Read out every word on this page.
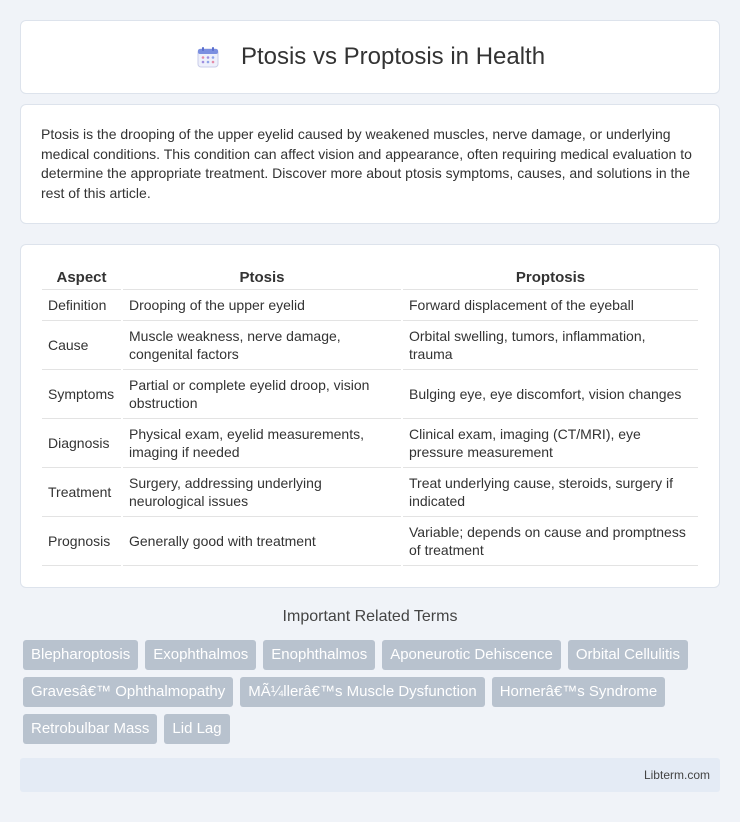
Ptosis vs Proptosis in Health

Ptosis is the drooping of the upper eyelid caused by weakened muscles, nerve damage, or underlying medical conditions. This condition can affect vision and appearance, often requiring medical evaluation to determine the appropriate treatment. Discover more about ptosis symptoms, causes, and solutions in the rest of this article.

Aspect	Ptosis	Proptosis
Definition	Drooping of the upper eyelid	Forward displacement of the eyeball
Cause	Muscle weakness, nerve damage, congenital factors	Orbital swelling, tumors, inflammation, trauma
Symptoms	Partial or complete eyelid droop, vision obstruction	Bulging eye, eye discomfort, vision changes
Diagnosis	Physical exam, eyelid measurements, imaging if needed	Clinical exam, imaging (CT/MRI), eye pressure measurement
Treatment	Surgery, addressing underlying neurological issues	Treat underlying cause, steroids, surgery if indicated
Prognosis	Generally good with treatment	Variable; depends on cause and promptness of treatment
Important Related Terms
Blepharoptosis	Exophthalmos	Enophthalmos	Aponeurotic Dehiscence	Orbital Cellulitis
Gravesâ€™ Ophthalmopathy	MÃ¼llerâ€™s Muscle Dysfunction	Hornerâ€™s Syndrome
Retrobulbar Mass	Lid Lag
Libterm.com
